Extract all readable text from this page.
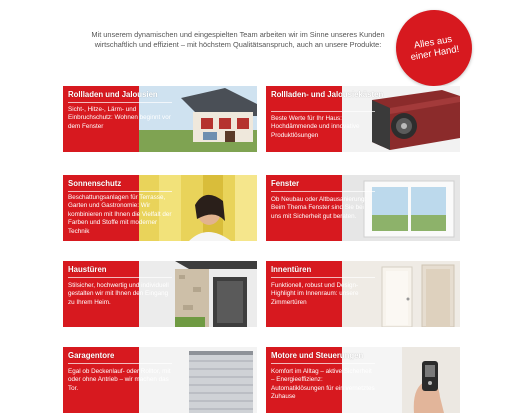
Mit unserem dynamischen und eingespielten Team arbeiten wir im Sinne unseres Kunden wirtschaftlich und effizient – mit höchstem Qualitätsanspruch, auch an unsere Produkte:	Alles aus einer Hand!
Rollladen und Jalousien
Sicht-, Hitze-, Lärm- und Einbruchschutz: Wohnen beginnt vor dem Fenster
Rollladen- und Jalousiekästen
Beste Werte für Ihr Haus: Hochdämmende und innovative Produktlösungen
Sonnenschutz
Beschattungsanlagen für Terrasse, Garten und Gastronomie: Wir kombinieren mit Ihnen die Vielfalt der Farben und Stoffe mit moderner Technik
Fenster
Ob Neubau oder Altbausanierung: Beim Thema Fenster sind Sie bei uns mit Sicherheit gut beraten.
Haustüren
Stilsicher, hochwertig und individuell gestalten wir mit Ihnen den Eingang zu Ihrem Heim.
Innentüren
Funktionell, robust und Design-Highlight im Innenraum: unsere Zimmertüren
Garagentore
Egal ob Deckenlauf- oder Rolltor, mit oder ohne Antrieb – wir machen das Tor.
Motore und Steuerungen
Komfort im Alltag – aktive Sicherheit – Energieeffizienz: Automatiklösungen für ein vernetztes Zuhause
